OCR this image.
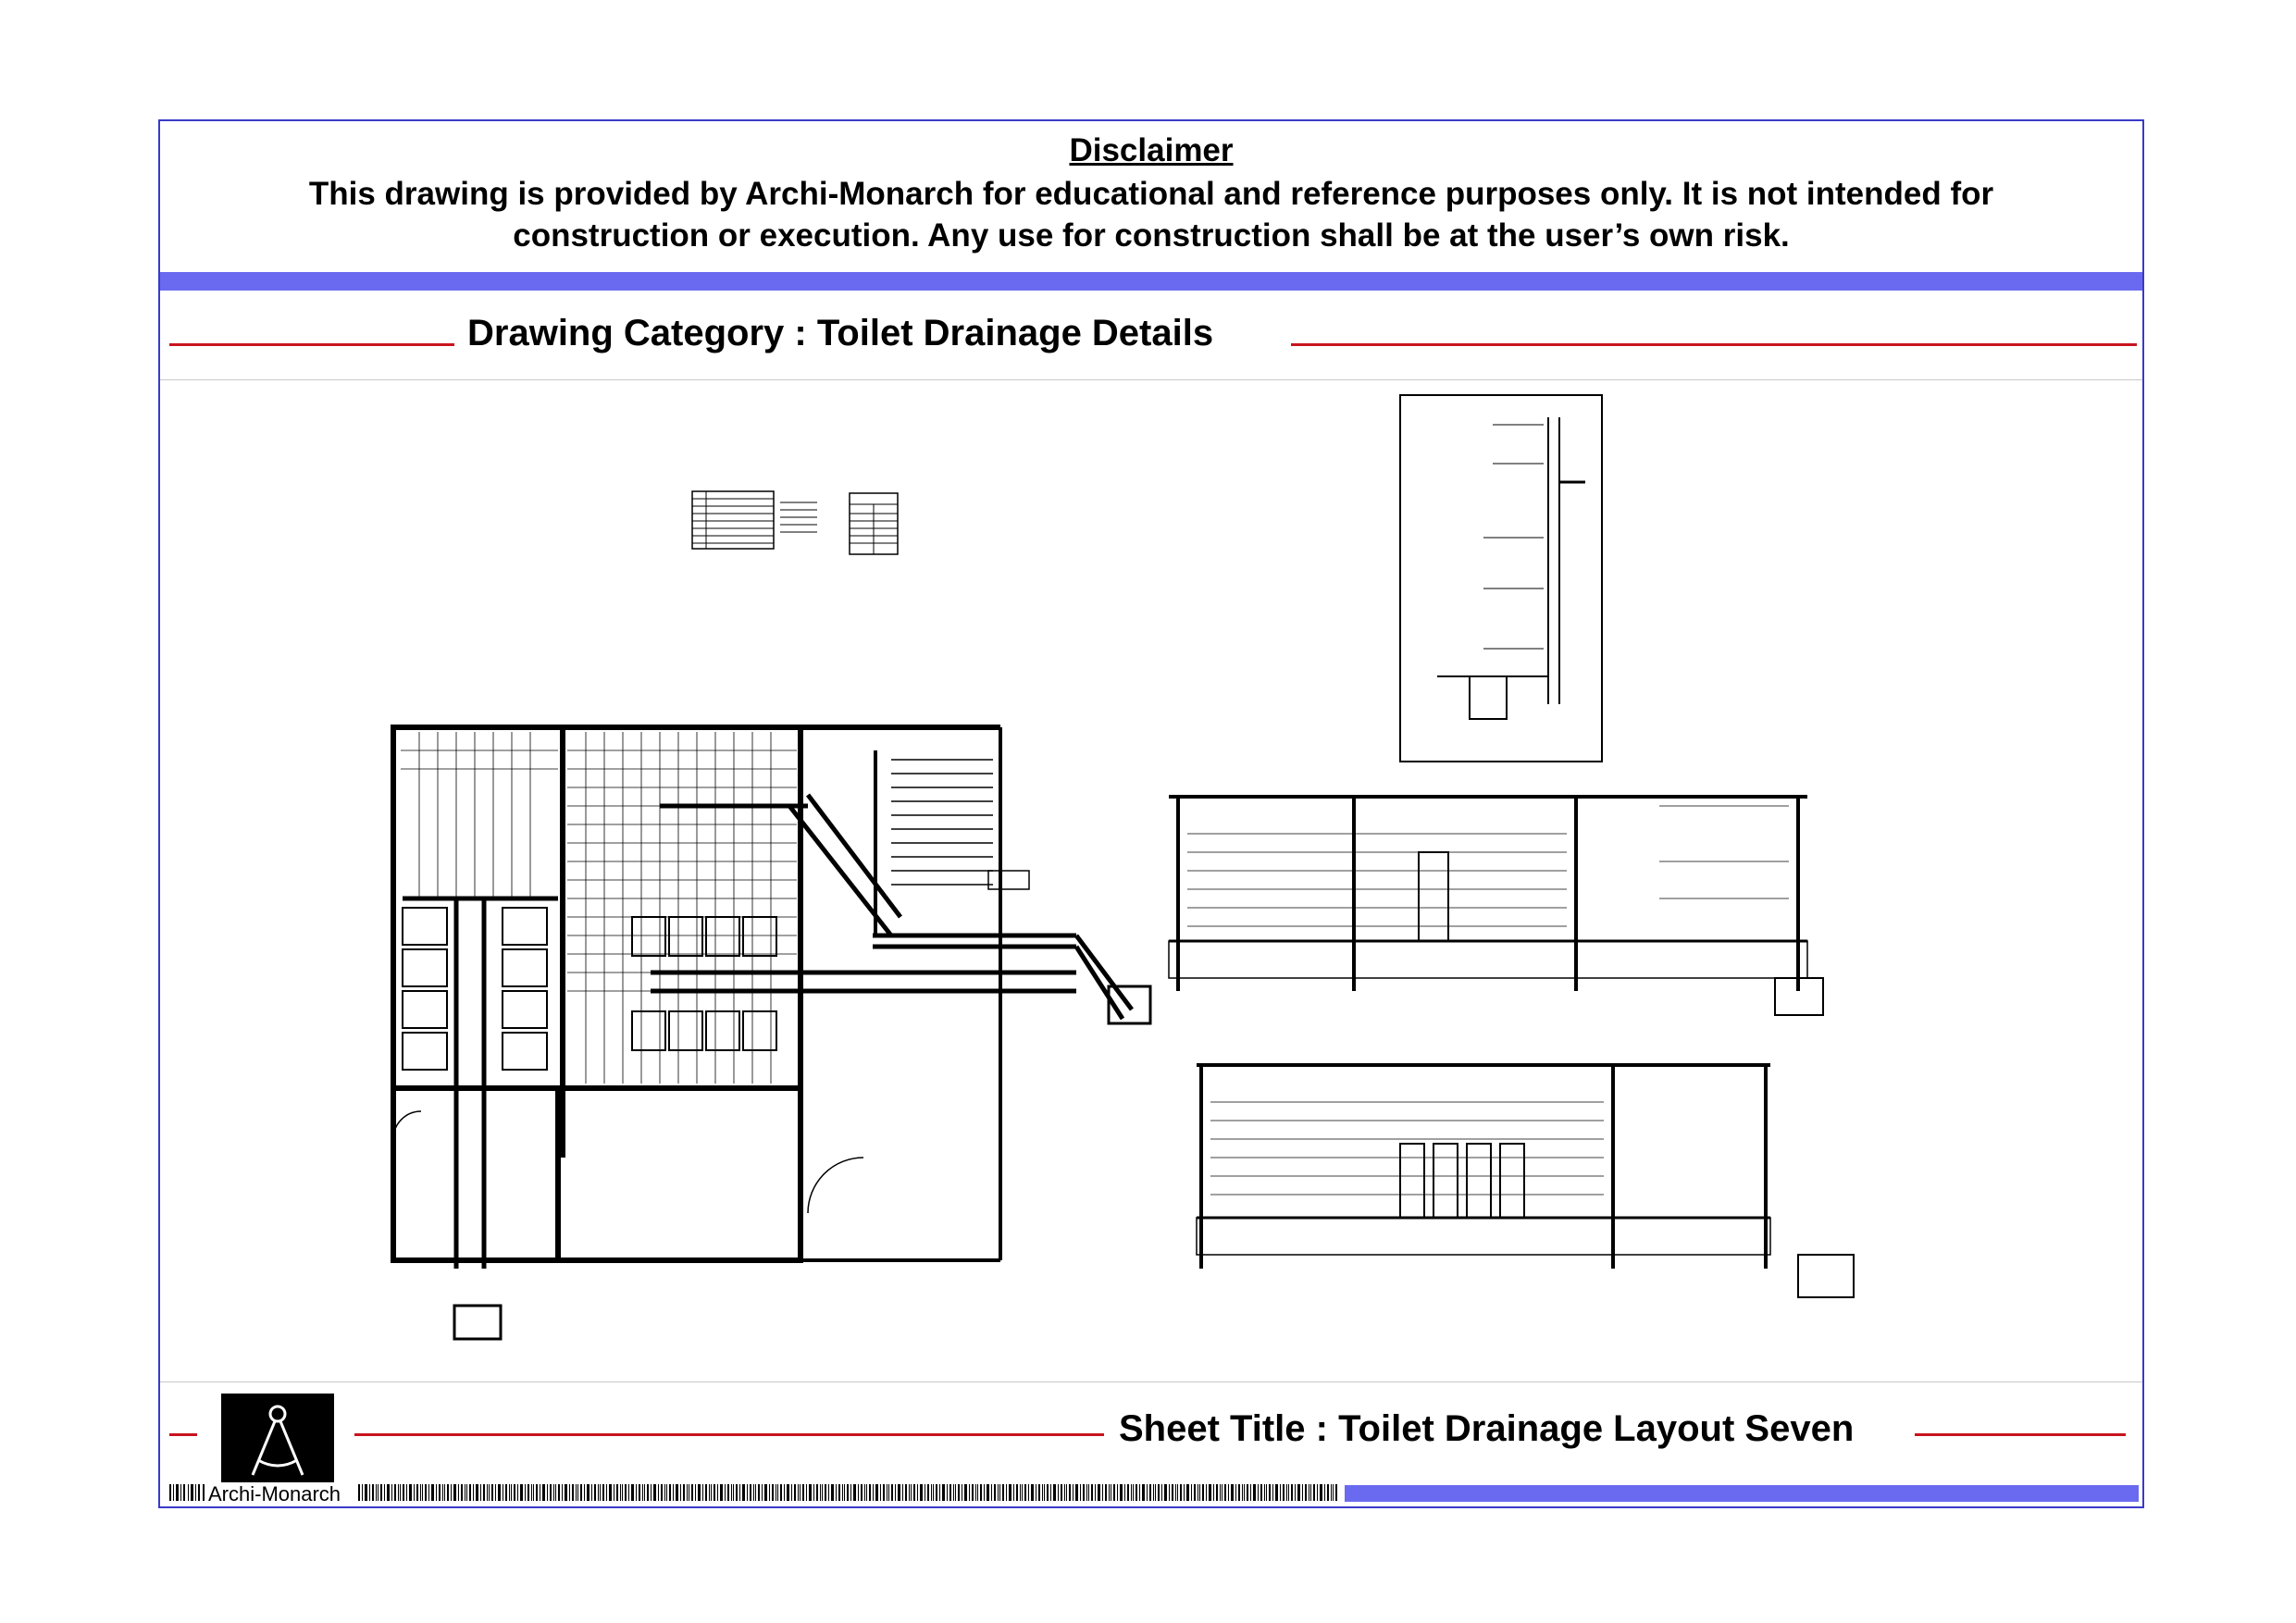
Disclaimer
This drawing is provided by Archi-Monarch for educational and reference purposes only. It is not intended for
construction or execution. Any use for construction shall be at the user’s own risk.
Drawing Category : Toilet Drainage Details
Sheet Title : Toilet Drainage Layout Seven
Archi-Monarch
